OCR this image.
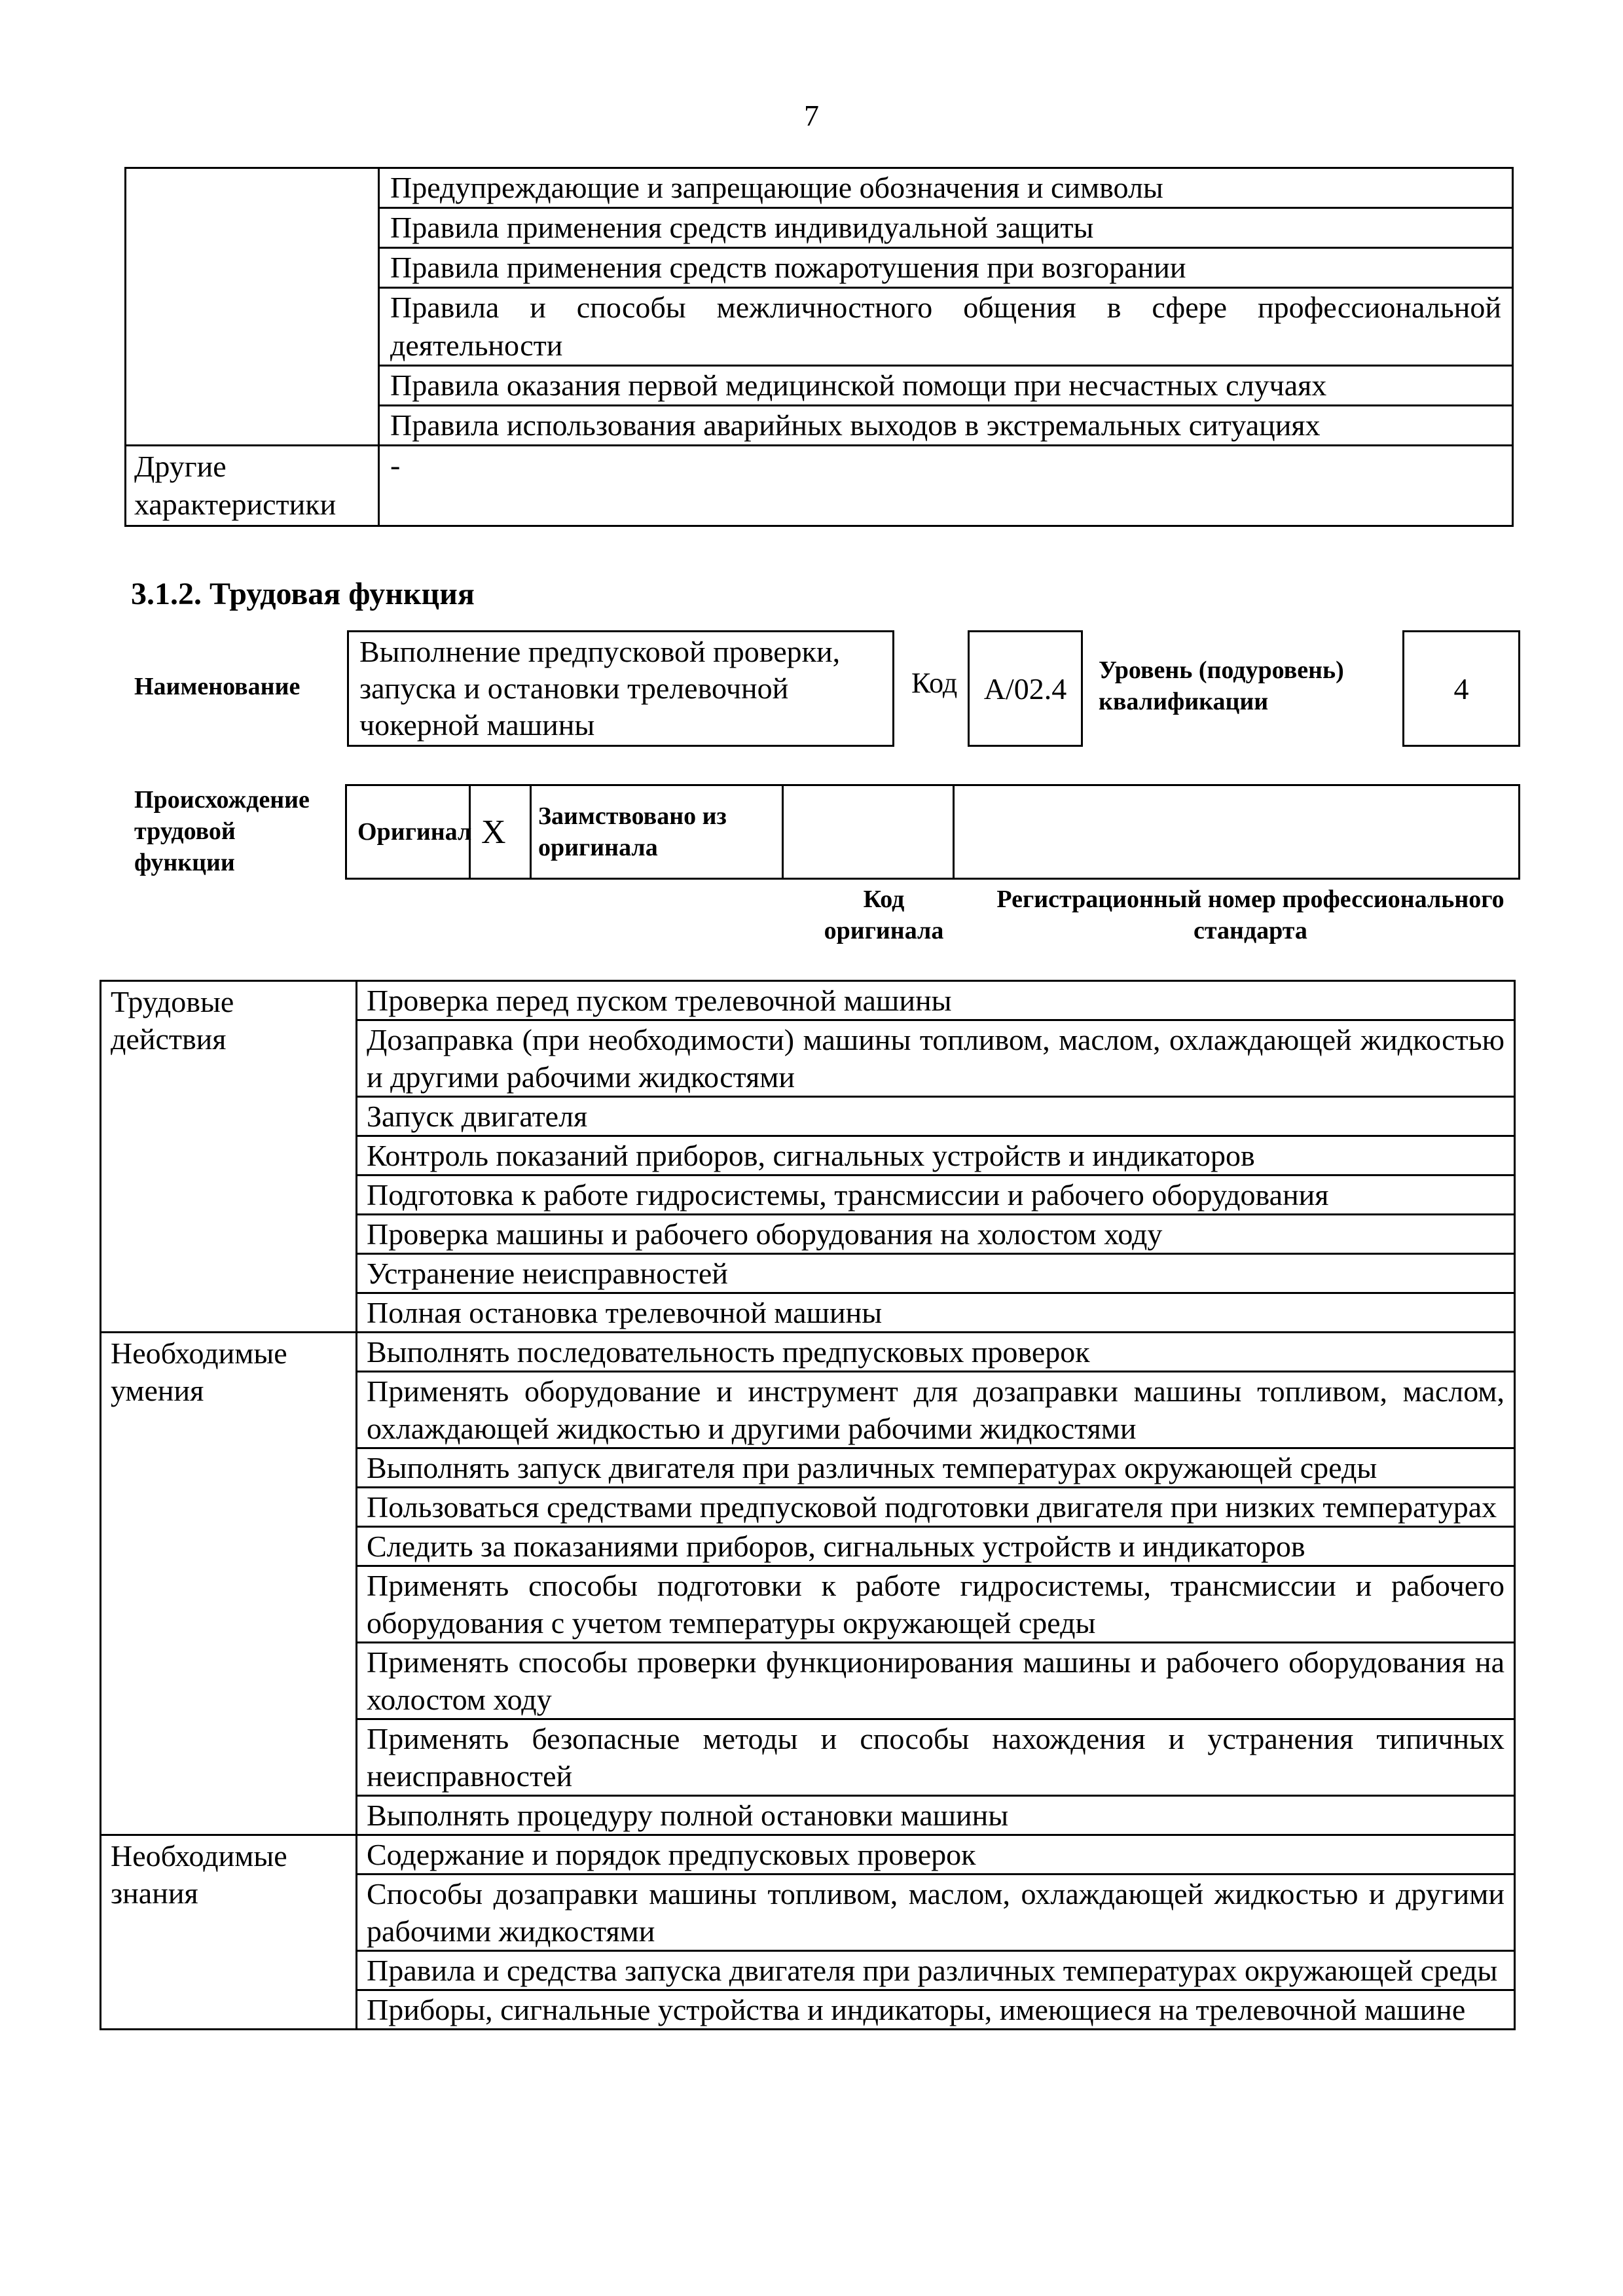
7
	Предупреждающие и запрещающие обозначения и символы
	Правила применения средств индивидуальной защиты
	Правила применения средств пожаротушения при возгорании
	Правила и способы межличностного общения в сфере профессиональной деятельности
	Правила оказания первой медицинской помощи при несчастных случаях
	Правила использования аварийных выходов в экстремальных ситуациях
Другие характеристики	-
3.1.2. Трудовая функция
Наименование
Выполнение предпусковой проверки, запуска и остановки трелевочной чокерной машины
Код А/02.4
Уровень (подуровень) квалификации	4
Происхождение трудовой функции
Оригинал	X	Заимствовано из оригинала

Код оригинала
Регистрационный номер профессионального стандарта
Трудовые действия	Проверка перед пуском трелевочной машины
	Дозаправка (при необходимости) машины топливом, маслом, охлаждающей жидкостью и другими рабочими жидкостями
	Запуск двигателя
	Контроль показаний приборов, сигнальных устройств и индикаторов
	Подготовка к работе гидросистемы, трансмиссии и рабочего оборудования
	Проверка машины и рабочего оборудования на холостом ходу
	Устранение неисправностей
	Полная остановка трелевочной машины
Необходимые умения	Выполнять последовательность предпусковых проверок
	Применять оборудование и инструмент для дозаправки машины топливом, маслом, охлаждающей жидкостью и другими рабочими жидкостями
	Выполнять запуск двигателя при различных температурах окружающей среды
	Пользоваться средствами предпусковой подготовки двигателя при низких температурах
	Следить за показаниями приборов, сигнальных устройств и индикаторов
	Применять способы подготовки к работе гидросистемы, трансмиссии и рабочего оборудования с учетом температуры окружающей среды
	Применять способы проверки функционирования машины и рабочего оборудования на холостом ходу
	Применять безопасные методы и способы нахождения и устранения типичных неисправностей
	Выполнять процедуру полной остановки машины
Необходимые знания	Содержание и порядок предпусковых проверок
	Способы дозаправки машины топливом, маслом, охлаждающей жидкостью и другими рабочими жидкостями
	Правила и средства запуска двигателя при различных температурах окружающей среды
	Приборы, сигнальные устройства и индикаторы, имеющиеся на трелевочной машине
